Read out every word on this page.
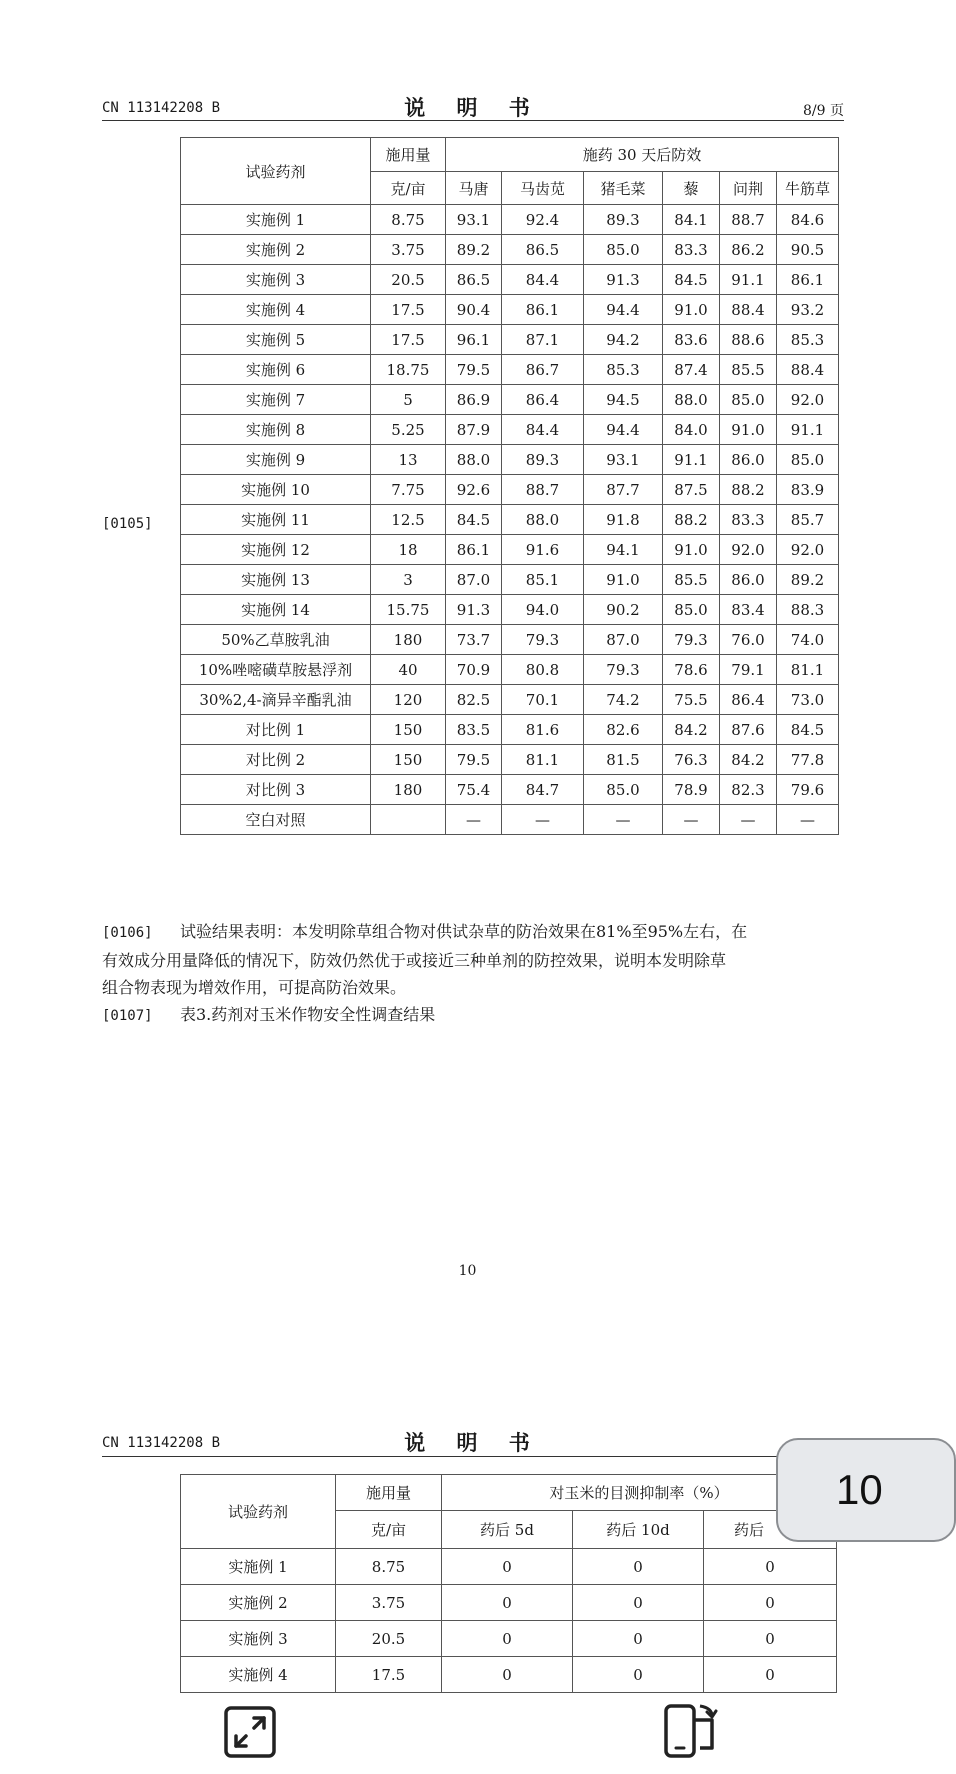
CN 113142208 B	说 明 书	8/9 页
[0105]
试验药剂	施用量	施药 30 天后防效					
	克/亩	马唐	马齿苋	猪毛菜	藜	问荆	牛筋草
实施例 1	8.75	93.1	92.4	89.3	84.1	88.7	84.6
实施例 2	3.75	89.2	86.5	85.0	83.3	86.2	90.5
实施例 3	20.5	86.5	84.4	91.3	84.5	91.1	86.1
实施例 4	17.5	90.4	86.1	94.4	91.0	88.4	93.2
实施例 5	17.5	96.1	87.1	94.2	83.6	88.6	85.3
实施例 6	18.75	79.5	86.7	85.3	87.4	85.5	88.4
实施例 7	5	86.9	86.4	94.5	88.0	85.0	92.0
实施例 8	5.25	87.9	84.4	94.4	84.0	91.0	91.1
实施例 9	13	88.0	89.3	93.1	91.1	86.0	85.0
实施例 10	7.75	92.6	88.7	87.7	87.5	88.2	83.9
实施例 11	12.5	84.5	88.0	91.8	88.2	83.3	85.7
实施例 12	18	86.1	91.6	94.1	91.0	92.0	92.0
实施例 13	3	87.0	85.1	91.0	85.5	86.0	89.2
实施例 14	15.75	91.3	94.0	90.2	85.0	83.4	88.3
50%乙草胺乳油	180	73.7	79.3	87.0	79.3	76.0	74.0
10%唑嘧磺草胺悬浮剂	40	70.9	80.8	79.3	78.6	79.1	81.1
30%2,4-滴异辛酯乳油	120	82.5	70.1	74.2	75.5	86.4	73.0
对比例 1	150	83.5	81.6	82.6	84.2	87.6	84.5
对比例 2	150	79.5	81.1	81.5	76.3	84.2	77.8
对比例 3	180	75.4	84.7	85.0	78.9	82.3	79.6
空白对照		—	—	—	—	—	—
[0106] 试验结果表明：本发明除草组合物对供试杂草的防治效果在81%至95%左右，在
有效成分用量降低的情况下，防效仍然优于或接近三种单剂的防控效果，说明本发明除草
组合物表现为增效作用，可提高防治效果。
[0107] 表3.药剂对玉米作物安全性调查结果
10
CN 113142208 B	说 明 书
试验药剂	施用量	对玉米的目测抑制率（%）		
	克/亩	药后 5d	药后 10d	药后
实施例 1	8.75	0	0	0
实施例 2	3.75	0	0	0
实施例 3	20.5	0	0	0
实施例 4	17.5	0	0	0
10
